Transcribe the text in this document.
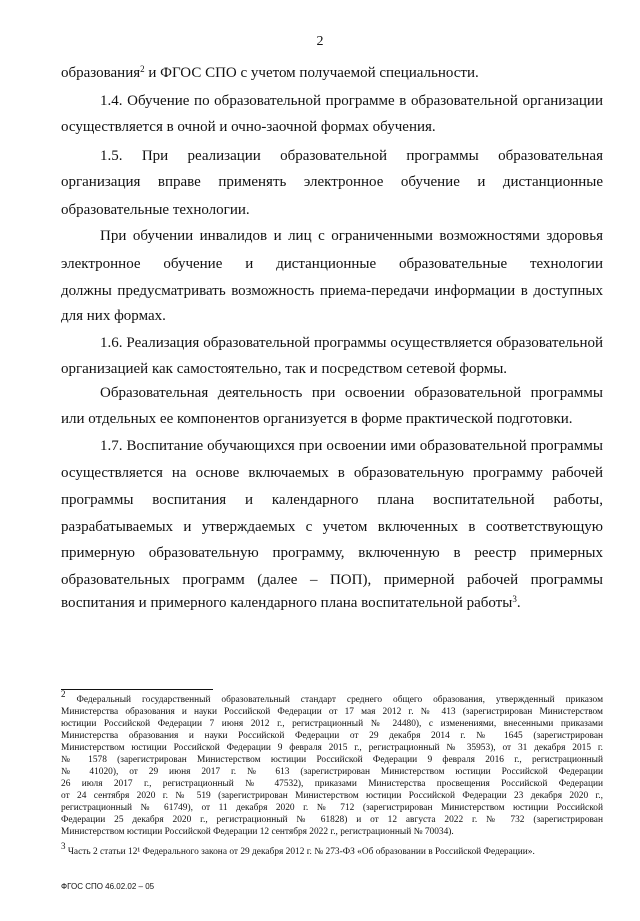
2
образования$^2$ и ФГОС СПО с учетом получаемой специальности.
1.4. Обучение по образовательной программе в образовательной организации
осуществляется в очной и очно-заочной формах обучения.
1.5. При реализации образовательной программы образовательная
организация вправе применять электронное обучение и дистанционные
образовательные технологии.
При обучении инвалидов и лиц с ограниченными возможностями здоровья
электронное обучение и дистанционные образовательные технологии
должны предусматривать возможность приема-передачи информации в доступных
для них формах.
1.6. Реализация образовательной программы осуществляется образовательной
организацией как самостоятельно, так и посредством сетевой формы.
Образовательная деятельность при освоении образовательной программы
или отдельных ее компонентов организуется в форме практической подготовки.
1.7. Воспитание обучающихся при освоении ими образовательной программы
осуществляется на основе включаемых в образовательную программу рабочей
программы воспитания и календарного плана воспитательной работы,
разрабатываемых и утверждаемых с учетом включенных в соответствующую
примерную образовательную программу, включенную в реестр примерных
образовательных программ (далее – ПОП), примерной рабочей программы
воспитания и примерного календарного плана воспитательной работы$^3$.
$^2$ Федеральный государственный образовательный стандарт среднего общего образования, утвержденный приказом
Министерства образования и науки Российской Федерации от 17 мая 2012 г. № 413 (зарегистрирован Министерством
юстиции Российской Федерации 7 июня 2012 г., регистрационный № 24480), с изменениями, внесенными приказами
Министерства образования и науки Российской Федерации от 29 декабря 2014 г. № 1645 (зарегистрирован
Министерством юстиции Российской Федерации 9 февраля 2015 г., регистрационный № 35953), от 31 декабря 2015 г.
№ 1578 (зарегистрирован Министерством юстиции Российской Федерации 9 февраля 2016 г., регистрационный
№ 41020), от 29 июня 2017 г. № 613 (зарегистрирован Министерством юстиции Российской Федерации
26 июля 2017 г., регистрационный № 47532), приказами Министерства просвещения Российской Федерации
от 24 сентября 2020 г. № 519 (зарегистрирован Министерством юстиции Российской Федерации 23 декабря 2020 г.,
регистрационный № 61749), от 11 декабря 2020 г. № 712 (зарегистрирован Министерством юстиции Российской
Федерации 25 декабря 2020 г., регистрационный № 61828) и от 12 августа 2022 г. № 732 (зарегистрирован
Министерством юстиции Российской Федерации 12 сентября 2022 г., регистрационный № 70034).
$^3$ Часть 2 статьи 12¹ Федерального закона от 29 декабря 2012 г. № 273-ФЗ «Об образовании в Российской Федерации».
ФГОС СПО 46.02.02 – 05
